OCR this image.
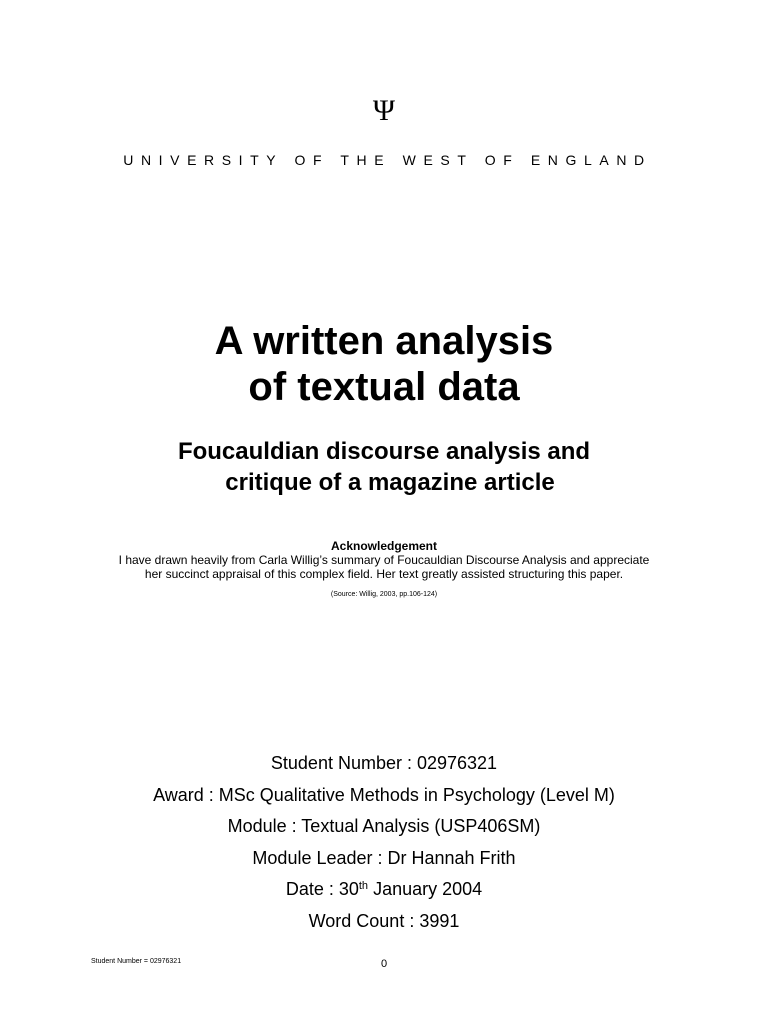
Ψ
UNIVERSITY OF THE WEST OF ENGLAND
A written analysis
of textual data
Foucauldian discourse analysis and
critique of a magazine article
Acknowledgement
I have drawn heavily from Carla Willig’s summary of Foucauldian Discourse Analysis and appreciate
her succinct appraisal of this complex field. Her text greatly assisted structuring this paper.
(Source: Willig, 2003, pp.106-124)
Student Number : 02976321
Award : MSc Qualitative Methods in Psychology (Level M)
Module : Textual Analysis (USP406SM)
Module Leader : Dr Hannah Frith
Date : 30th January 2004
Word Count : 3991
Student Number = 02976321	0
